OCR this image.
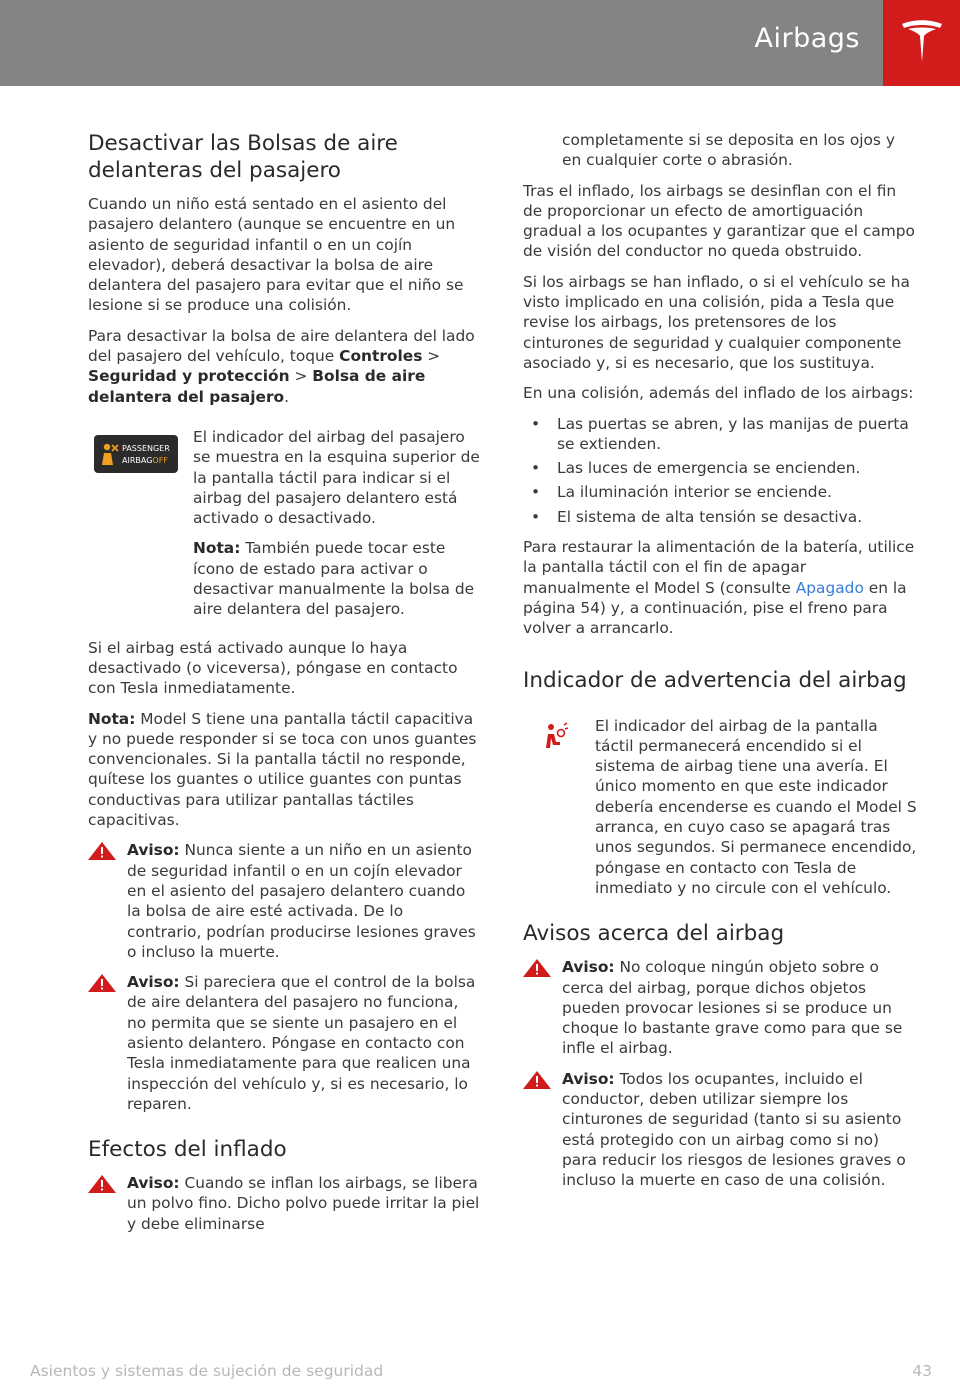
Airbags
Desactivar las Bolsas de aire delanteras del pasajero

Cuando un niño está sentado en el asiento del pasajero delantero (aunque se encuentre en un asiento de seguridad infantil o en un cojín elevador), deberá desactivar la bolsa de aire delantera del pasajero para evitar que el niño se lesione si se produce una colisión.

Para desactivar la bolsa de aire delantera del lado del pasajero del vehículo, toque Controles > Seguridad y protección > Bolsa de aire delantera del pasajero.

PASSENGER
AIRBAGOFF

El indicador del airbag del pasajero se muestra en la esquina superior de la pantalla táctil para indicar si el airbag del pasajero delantero está activado o desactivado.

Nota: También puede tocar este ícono de estado para activar o desactivar manualmente la bolsa de aire delantera del pasajero.

Si el airbag está activado aunque lo haya desactivado (o viceversa), póngase en contacto con Tesla inmediatamente.

Nota: Model S tiene una pantalla táctil capacitiva y no puede responder si se toca con unos guantes convencionales. Si la pantalla táctil no responde, quítese los guantes o utilice guantes con puntas conductivas para utilizar pantallas táctiles capacitivas.

Aviso: Nunca siente a un niño en un asiento de seguridad infantil o en un cojín elevador en el asiento del pasajero delantero cuando la bolsa de aire esté activada. De lo contrario, podrían producirse lesiones graves o incluso la muerte.
Aviso: Si pareciera que el control de la bolsa de aire delantera del pasajero no funciona, no permita que se siente un pasajero en el asiento delantero. Póngase en contacto con Tesla inmediatamente para que realicen una inspección del vehículo y, si es necesario, lo reparen.
Efectos del inflado
Aviso: Cuando se inflan los airbags, se libera un polvo fino. Dicho polvo puede irritar la piel y debe eliminarse

completamente si se deposita en los ojos y en cualquier corte o abrasión.

Tras el inflado, los airbags se desinflan con el fin de proporcionar un efecto de amortiguación gradual a los ocupantes y garantizar que el campo de visión del conductor no queda obstruido.

Si los airbags se han inflado, o si el vehículo se ha visto implicado en una colisión, pida a Tesla que revise los airbags, los pretensores de los cinturones de seguridad y cualquier componente asociado y, si es necesario, que los sustituya.

En una colisión, además del inflado de los airbags:

• Las puertas se abren, y las manijas de puerta se extienden.
• Las luces de emergencia se encienden.
• La iluminación interior se enciende.
• El sistema de alta tensión se desactiva.

Para restaurar la alimentación de la batería, utilice la pantalla táctil con el fin de apagar manualmente el Model S (consulte Apagado en la página 54) y, a continuación, pise el freno para volver a arrancarlo.

Indicador de advertencia del airbag

El indicador del airbag de la pantalla táctil permanecerá encendido si el sistema de airbag tiene una avería. El único momento en que este indicador debería encenderse es cuando el Model S arranca, en cuyo caso se apagará tras unos segundos. Si permanece encendido, póngase en contacto con Tesla de inmediato y no circule con el vehículo.

Avisos acerca del airbag
Aviso: No coloque ningún objeto sobre o cerca del airbag, porque dichos objetos pueden provocar lesiones si se produce un choque lo bastante grave como para que se infle el airbag.
Aviso: Todos los ocupantes, incluido el conductor, deben utilizar siempre los cinturones de seguridad (tanto si su asiento está protegido con un airbag como si no) para reducir los riesgos de lesiones graves o incluso la muerte en caso de una colisión.
Asientos y sistemas de sujeción de seguridad	43
